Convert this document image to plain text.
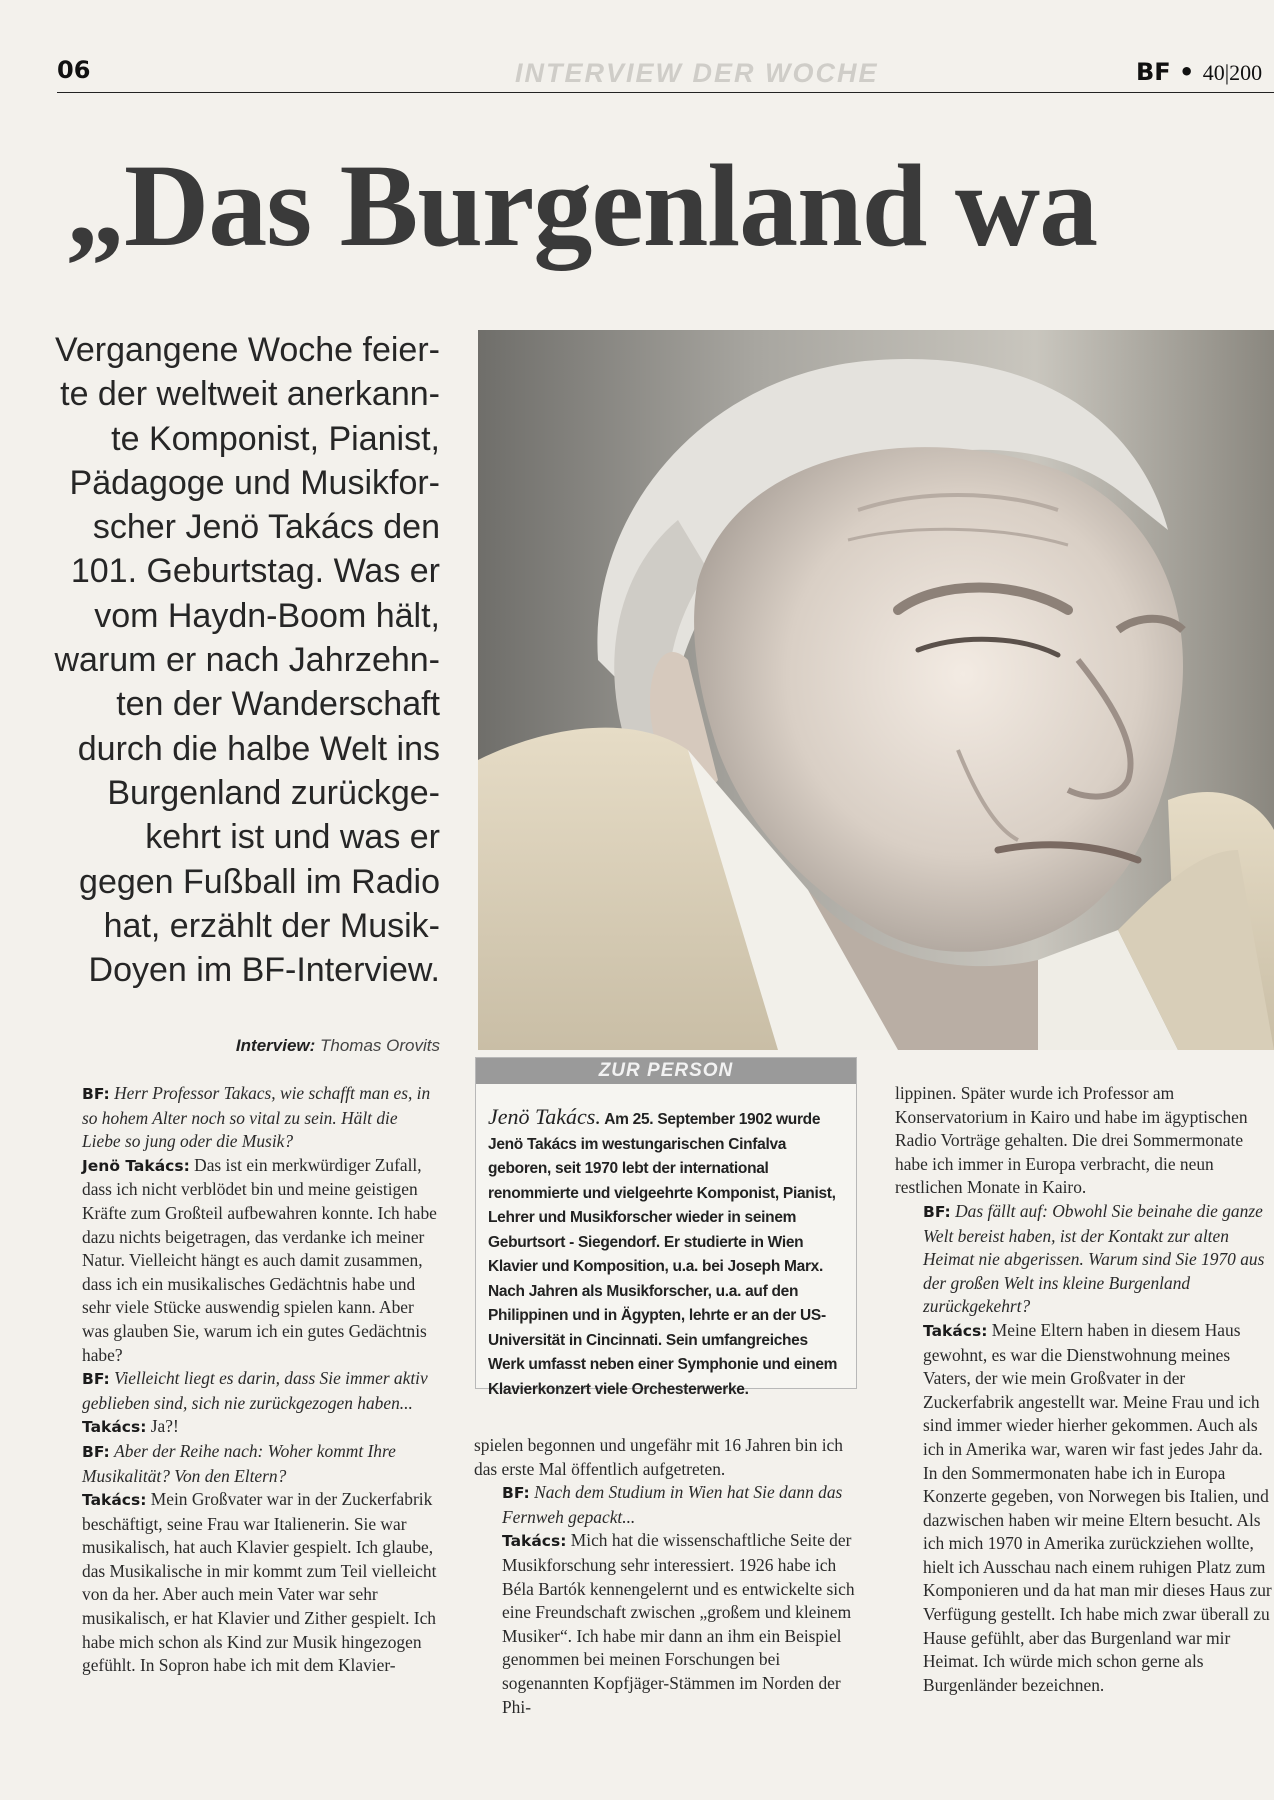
06	INTERVIEW DER WOCHE	BF • 40|200
„Das Burgenland wa

Vergangene Woche feier-

te der weltweit anerkann-

te Komponist, Pianist,

Pädagoge und Musikfor-

scher Jenö Takács den

101. Geburtstag. Was er

vom Haydn-Boom hält,

warum er nach Jahrzehn-

ten der Wanderschaft

durch die halbe Welt ins

Burgenland zurückge-

kehrt ist und was er

gegen Fußball im Radio

hat, erzählt der Musik-

Doyen im BF-Interview.

Interview: Thomas Orovits
ZUR PERSON
Jenö Takács. Am 25. September 1902 wurde Jenö Takács im westungarischen Cinfalva geboren, seit 1970 lebt der international renommierte und vielgeehrte Komponist, Pianist, Lehrer und Musikforscher wieder in seinem Geburtsort - Siegendorf. Er studierte in Wien Klavier und Komposition, u.a. bei Joseph Marx. Nach Jahren als Musikforscher, u.a. auf den Philippinen und in Ägypten, lehrte er an der US-Universität in Cincinnati. Sein umfangreiches Werk umfasst neben einer Symphonie und einem Klavierkonzert viele Orchesterwerke.

BF: Herr Professor Takacs, wie schafft man es, in so hohem Alter noch so vital zu sein. Hält die Liebe so jung oder die Musik?

Jenö Takács: Das ist ein merkwürdiger Zufall, dass ich nicht verblödet bin und meine geistigen Kräfte zum Großteil aufbewahren konnte. Ich habe dazu nichts beigetragen, das verdanke ich meiner Natur. Vielleicht hängt es auch damit zusammen, dass ich ein musikalisches Gedächtnis habe und sehr viele Stücke auswendig spielen kann. Aber was glauben Sie, warum ich ein gutes Gedächtnis habe?

BF: Vielleicht liegt es darin, dass Sie immer aktiv geblieben sind, sich nie zurückgezogen haben...

Takács: Ja?!

BF: Aber der Reihe nach: Woher kommt Ihre Musikalität? Von den Eltern?

Takács: Mein Großvater war in der Zuckerfabrik beschäftigt, seine Frau war Italienerin. Sie war musikalisch, hat auch Klavier gespielt. Ich glaube, das Musikalische in mir kommt zum Teil vielleicht von da her. Aber auch mein Vater war sehr musikalisch, er hat Klavier und Zither gespielt. Ich habe mich schon als Kind zur Musik hingezogen gefühlt. In Sopron habe ich mit dem Klavier-

spielen begonnen und ungefähr mit 16 Jahren bin ich das erste Mal öffentlich aufgetreten.

BF: Nach dem Studium in Wien hat Sie dann das Fernweh gepackt...

Takács: Mich hat die wissenschaftliche Seite der Musikforschung sehr interessiert. 1926 habe ich Béla Bartók kennengelernt und es entwickelte sich eine Freundschaft zwischen „großem und kleinem Musiker“. Ich habe mir dann an ihm ein Beispiel genommen bei meinen Forschungen bei sogenannten Kopfjäger-Stämmen im Norden der Phi-

lippinen. Später wurde ich Professor am Konservatorium in Kairo und habe im ägyptischen Radio Vorträge gehalten. Die drei Sommermonate habe ich immer in Europa verbracht, die neun restlichen Monate in Kairo.

BF: Das fällt auf: Obwohl Sie beinahe die ganze Welt bereist haben, ist der Kontakt zur alten Heimat nie abgerissen. Warum sind Sie 1970 aus der großen Welt ins kleine Burgenland zurückgekehrt?

Takács: Meine Eltern haben in diesem Haus gewohnt, es war die Dienstwohnung meines Vaters, der wie mein Großvater in der Zuckerfabrik angestellt war. Meine Frau und ich sind immer wieder hierher gekommen. Auch als ich in Amerika war, waren wir fast jedes Jahr da. In den Sommermonaten habe ich in Europa Konzerte gegeben, von Norwegen bis Italien, und dazwischen haben wir meine Eltern besucht. Als ich mich 1970 in Amerika zurückziehen wollte, hielt ich Ausschau nach einem ruhigen Platz zum Komponieren und da hat man mir dieses Haus zur Verfügung gestellt. Ich habe mich zwar überall zu Hause gefühlt, aber das Burgenland war mir Heimat. Ich würde mich schon gerne als Burgenländer bezeichnen.
